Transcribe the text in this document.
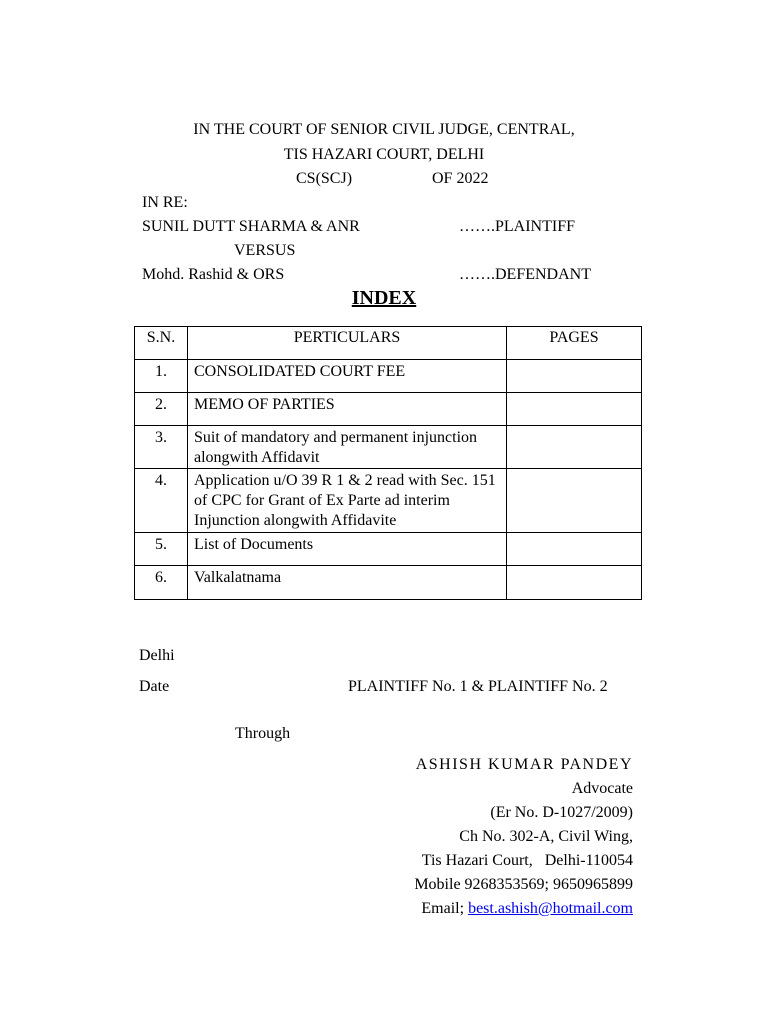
IN THE COURT OF SENIOR CIVIL JUDGE, CENTRAL,
TIS HAZARI COURT, DELHI
CS(SCJ)	OF 2022
IN RE:
SUNIL DUTT SHARMA & ANR	…….PLAINTIFF
VERSUS
Mohd. Rashid & ORS	…….DEFENDANT
INDEX
S.N.	PERTICULARS	PAGES
1.	CONSOLIDATED COURT FEE	
2.	MEMO OF PARTIES	
3.	Suit of mandatory and permanent injunction alongwith Affidavit	
4.	Application u/O 39 R 1 & 2 read with Sec. 151 of CPC for Grant of Ex Parte ad interim Injunction alongwith Affidavite	
5.	List of Documents	
6.	Valkalatnama	
Delhi
Date	PLAINTIFF No. 1 & PLAINTIFF No. 2
Through
ASHISH KUMAR PANDEY
Advocate
(Er No. D-1027/2009)
Ch No. 302-A, Civil Wing,
Tis Hazari Court,   Delhi-110054
Mobile 9268353569; 9650965899
Email; best.ashish@hotmail.com
